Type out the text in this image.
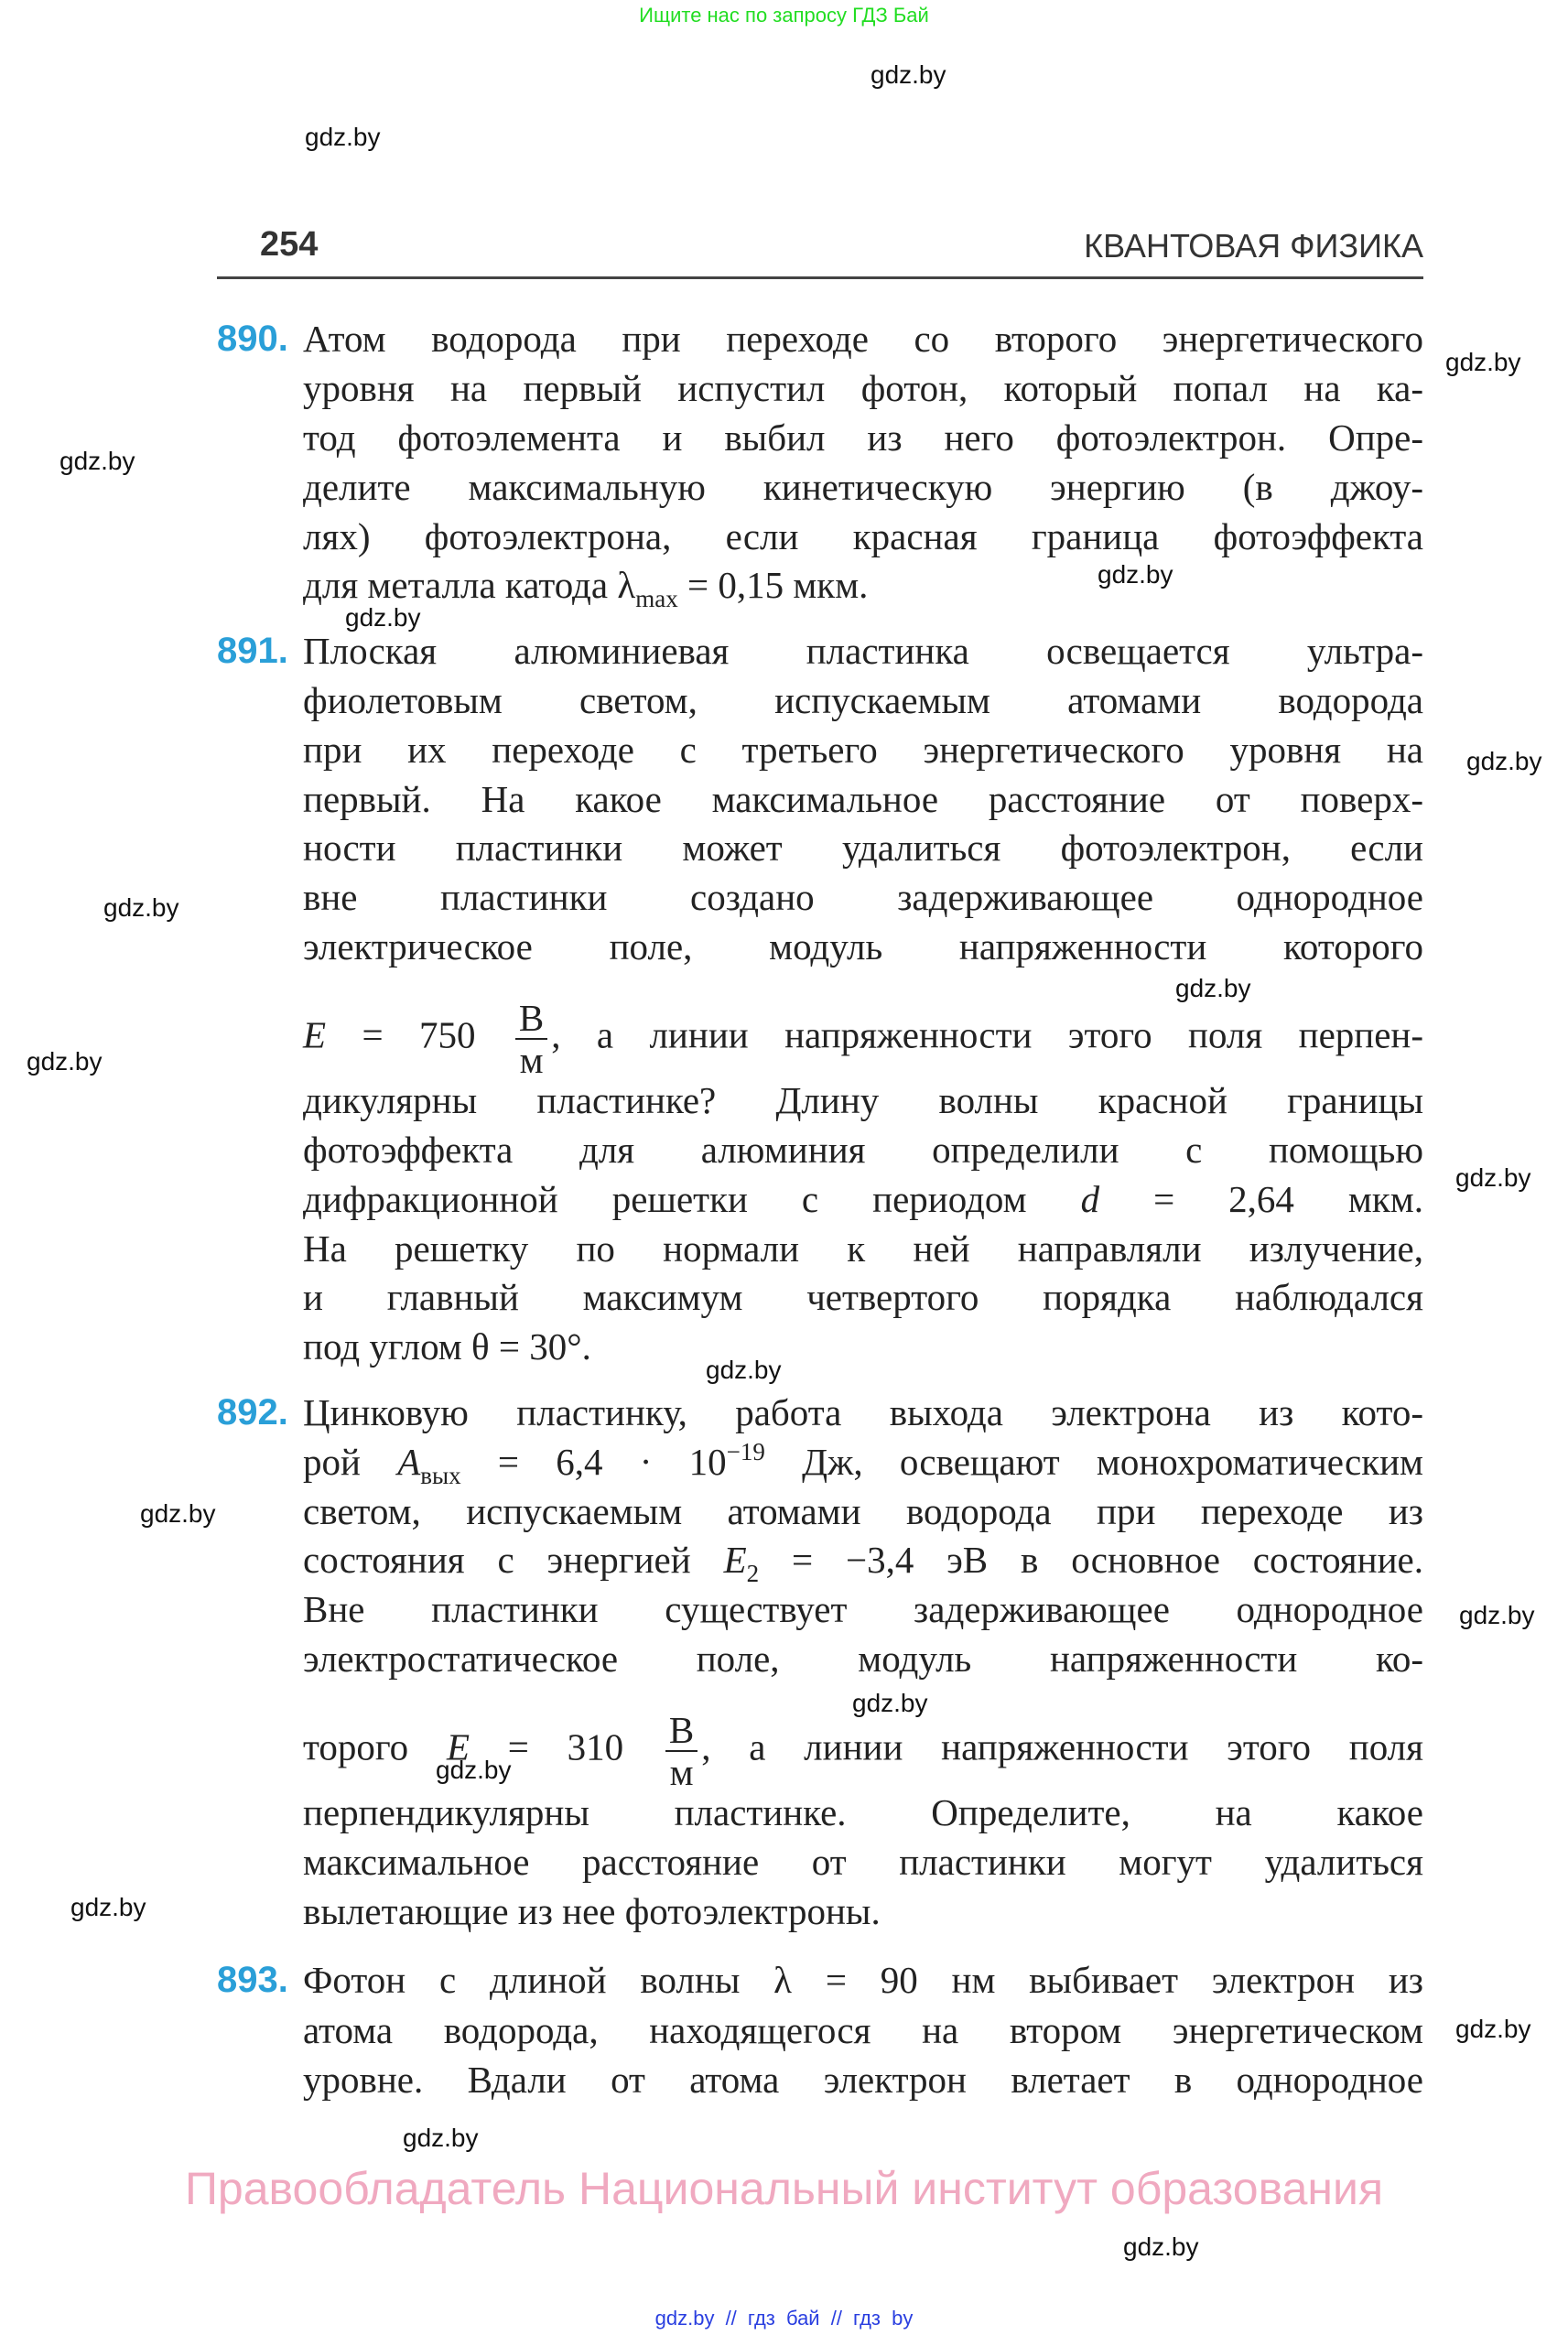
Ищите нас по запросу ГДЗ Бай
254	КВАНТОВАЯ ФИЗИКА
890. Атом водорода при переходе со второго энергетического
уровня на первый испустил фотон, который попал на ка-
тод фотоэлемента и выбил из него фотоэлектрон. Опре-
делите максимальную кинетическую энергию (в джоу-
лях) фотоэлектрона, если красная граница фотоэффекта
для металла катода $\lambda_{max} = 0,15$ мкм.
891. Плоская алюминиевая пластинка освещается ультра-
фиолетовым светом, испускаемым атомами водорода
при их переходе с третьего энергетического уровня на
первый. На какое максимальное расстояние от поверх-
ности пластинки может удалиться фотоэлектрон, если
вне пластинки создано задерживающее однородное
электрическое поле, модуль напряженности которого
$E = 750 \frac{В}{м}$ , а линии напряженности этого поля перпен-
дикулярны пластинке? Длину волны красной границы
фотоэффекта для алюминия определили с помощью
дифракционной решетки с периодом d = 2,64 мкм.
На решетку по нормали к ней направляли излучение,
и главный максимум четвертого порядка наблюдался
под углом θ = 30°.
892. Цинковую пластинку, работа выхода электрона из кото-
рой $A_{вых} = 6,4 \cdot 10^{-19}$ Дж, освещают монохроматическим
светом, испускаемым атомами водорода при переходе из
состояния с энергией $E_2 = -3,4$ эВ в основное состояние.
Вне пластинки существует задерживающее однородное
электростатическое поле, модуль напряженности ко-
торого $E = 310 \frac{В}{м}$ , а линии напряженности этого поля
перпендикулярны пластинке. Определите, на какое
максимальное расстояние от пластинки могут удалиться
вылетающие из нее фотоэлектроны.
893. Фотон с длиной волны λ = 90 нм выбивает электрон из
атома водорода, находящегося на втором энергетическом
уровне. Вдали от атома электрон влетает в однородное
gdz.by
gdz.by
gdz.by
gdz.by
gdz.by
gdz.by
gdz.by
gdz.by
gdz.by
gdz.by
gdz.by
gdz.by
gdz.by
gdz.by
gdz.by
gdz.by
gdz.by
gdz.by
gdz.by
gdz.by
Правообладатель Национальный институт образования
gdz.by // гдз бай // гдз by
